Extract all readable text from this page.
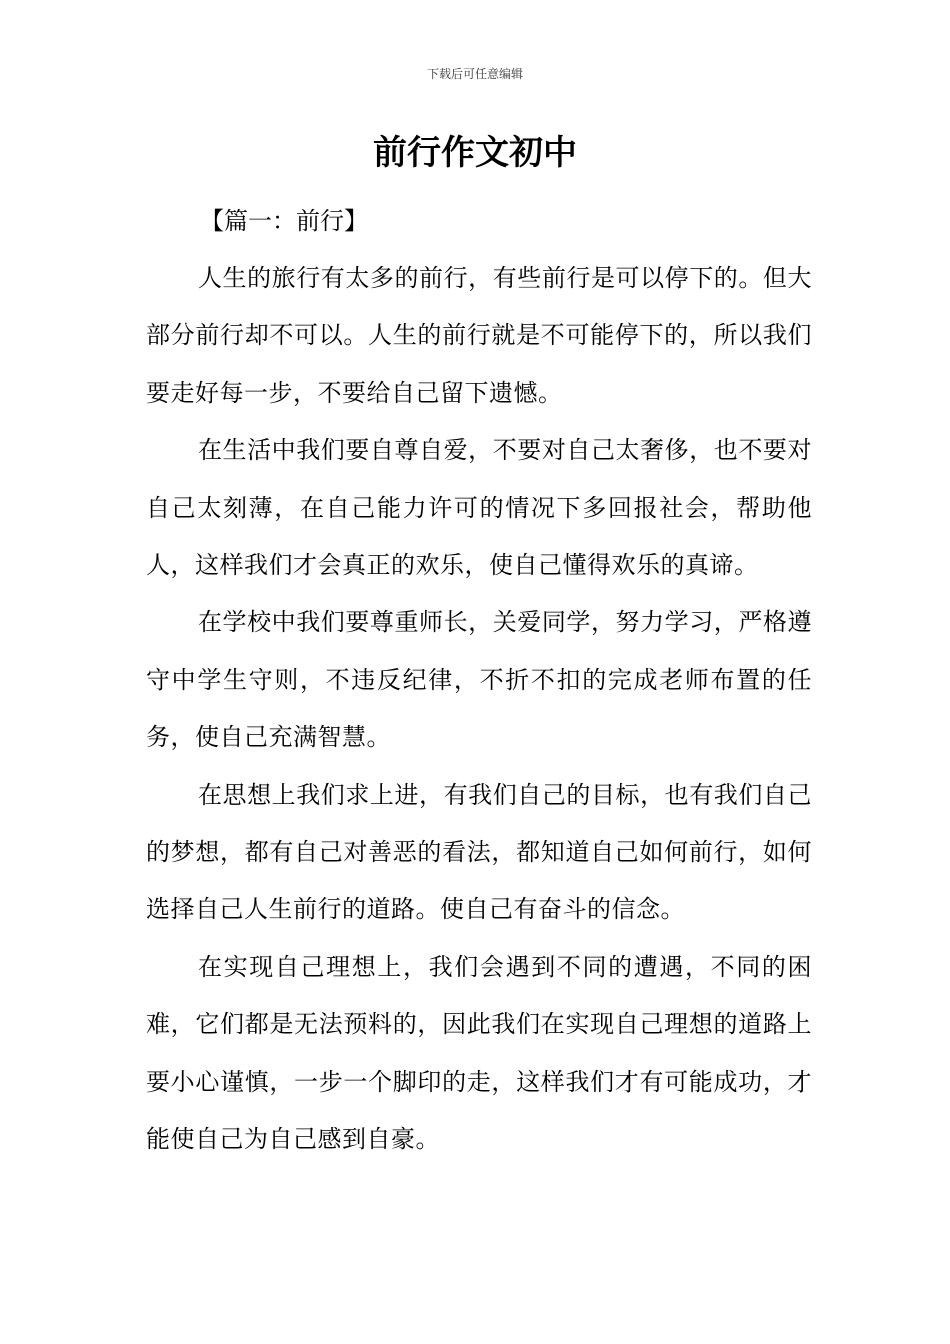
下载后可任意编辑
前行作文初中

【篇一：前行】

人生的旅行有太多的前行，有些前行是可以停下的。但大部分前行却不可以。人生的前行就是不可能停下的，所以我们要走好每一步，不要给自己留下遗憾。

在生活中我们要自尊自爱，不要对自己太奢侈，也不要对自己太刻薄，在自己能力许可的情况下多回报社会，帮助他人，这样我们才会真正的欢乐，使自己懂得欢乐的真谛。

在学校中我们要尊重师长，关爱同学，努力学习，严格遵守中学生守则，不违反纪律，不折不扣的完成老师布置的任务，使自己充满智慧。

在思想上我们求上进，有我们自己的目标，也有我们自己的梦想，都有自己对善恶的看法，都知道自己如何前行，如何选择自己人生前行的道路。使自己有奋斗的信念。

在实现自己理想上，我们会遇到不同的遭遇，不同的困难，它们都是无法预料的，因此我们在实现自己理想的道路上要小心谨慎，一步一个脚印的走，这样我们才有可能成功，才能使自己为自己感到自豪。
